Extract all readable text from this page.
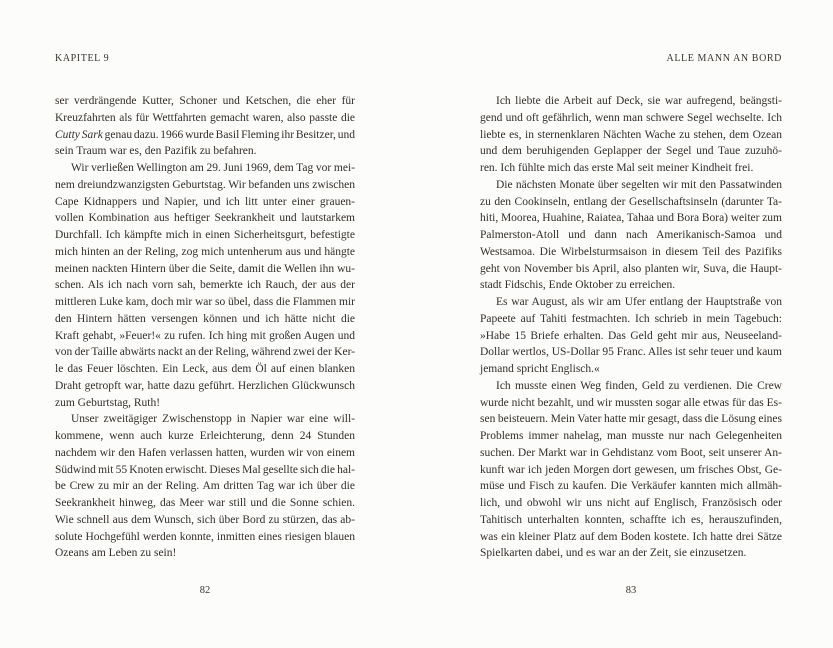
KAPITEL 9
ser verdrängende Kutter, Schoner und Ketschen, die eher für
Kreuzfahrten als für Wettfahrten gemacht waren, also passte die
Cutty Sark genau dazu. 1966 wurde Basil Fleming ihr Besitzer, und
sein Traum war es, den Pazifik zu befahren.
Wir verließen Wellington am 29. Juni 1969, dem Tag vor mei-
nem dreiundzwanzigsten Geburtstag. Wir befanden uns zwischen
Cape Kidnappers und Napier, und ich litt unter einer grauen-
vollen Kombination aus heftiger Seekrankheit und lautstarkem
Durchfall. Ich kämpfte mich in einen Sicherheitsgurt, befestigte
mich hinten an der Reling, zog mich untenherum aus und hängte
meinen nackten Hintern über die Seite, damit die Wellen ihn wu-
schen. Als ich nach vorn sah, bemerkte ich Rauch, der aus der
mittleren Luke kam, doch mir war so übel, dass die Flammen mir
den Hintern hätten versengen können und ich hätte nicht die
Kraft gehabt, »Feuer!« zu rufen. Ich hing mit großen Augen und
von der Taille abwärts nackt an der Reling, während zwei der Ker-
le das Feuer löschten. Ein Leck, aus dem Öl auf einen blanken
Draht getropft war, hatte dazu geführt. Herzlichen Glückwunsch
zum Geburtstag, Ruth!
Unser zweitägiger Zwischenstopp in Napier war eine will-
kommene, wenn auch kurze Erleichterung, denn 24 Stunden
nachdem wir den Hafen verlassen hatten, wurden wir von einem
Südwind mit 55 Knoten erwischt. Dieses Mal gesellte sich die hal-
be Crew zu mir an der Reling. Am dritten Tag war ich über die
Seekrankheit hinweg, das Meer war still und die Sonne schien.
Wie schnell aus dem Wunsch, sich über Bord zu stürzen, das ab-
solute Hochgefühl werden konnte, inmitten eines riesigen blauen
Ozeans am Leben zu sein!
82
ALLE MANN AN BORD
Ich liebte die Arbeit auf Deck, sie war aufregend, beängsti-
gend und oft gefährlich, wenn man schwere Segel wechselte. Ich
liebte es, in sternenklaren Nächten Wache zu stehen, dem Ozean
und dem beruhigenden Geplapper der Segel und Taue zuzuhö-
ren. Ich fühlte mich das erste Mal seit meiner Kindheit frei.
Die nächsten Monate über segelten wir mit den Passatwinden
zu den Cookinseln, entlang der Gesellschaftsinseln (darunter Ta-
hiti, Moorea, Huahine, Raiatea, Tahaa und Bora Bora) weiter zum
Palmerston-Atoll und dann nach Amerikanisch-Samoa und
Westsamoa. Die Wirbelsturmsaison in diesem Teil des Pazifiks
geht von November bis April, also planten wir, Suva, die Haupt-
stadt Fidschis, Ende Oktober zu erreichen.
Es war August, als wir am Ufer entlang der Hauptstraße von
Papeete auf Tahiti festmachten. Ich schrieb in mein Tagebuch:
»Habe 15 Briefe erhalten. Das Geld geht mir aus, Neuseeland-
Dollar wertlos, US-Dollar 95 Franc. Alles ist sehr teuer und kaum
jemand spricht Englisch.«
Ich musste einen Weg finden, Geld zu verdienen. Die Crew
wurde nicht bezahlt, und wir mussten sogar alle etwas für das Es-
sen beisteuern. Mein Vater hatte mir gesagt, dass die Lösung eines
Problems immer nahelag, man musste nur nach Gelegenheiten
suchen. Der Markt war in Gehdistanz vom Boot, seit unserer An-
kunft war ich jeden Morgen dort gewesen, um frisches Obst, Ge-
müse und Fisch zu kaufen. Die Verkäufer kannten mich allmäh-
lich, und obwohl wir uns nicht auf Englisch, Französisch oder
Tahitisch unterhalten konnten, schaffte ich es, herauszufinden,
was ein kleiner Platz auf dem Boden kostete. Ich hatte drei Sätze
Spielkarten dabei, und es war an der Zeit, sie einzusetzen.
83
